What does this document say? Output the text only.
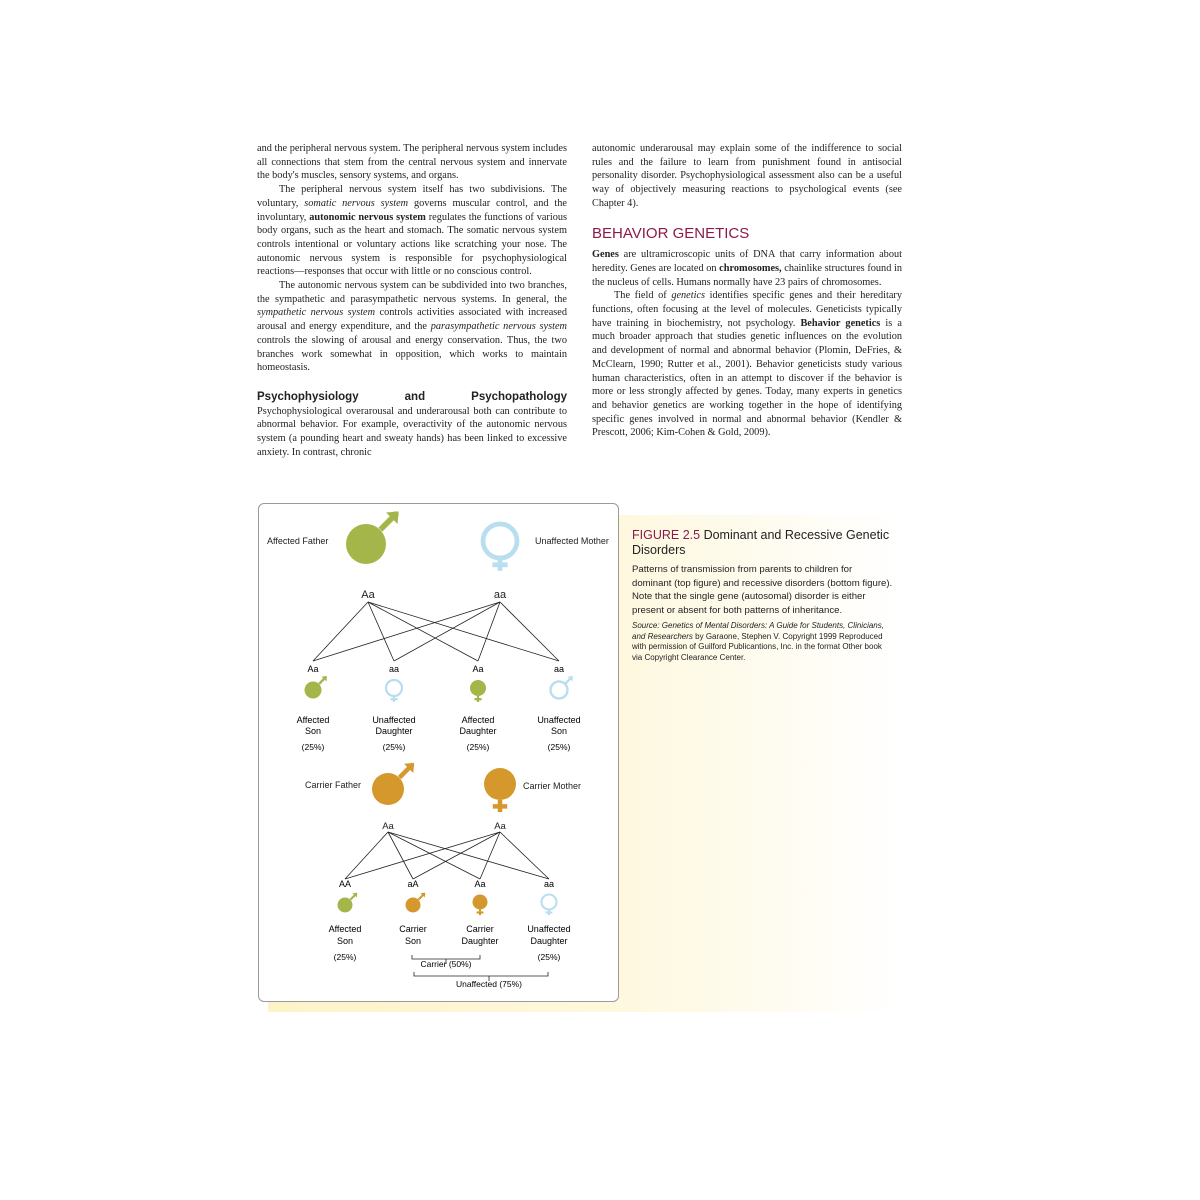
and the peripheral nervous system. The peripheral nervous system includes all connections that stem from the central nervous system and innervate the body's muscles, sensory systems, and organs.

The peripheral nervous system itself has two subdivisions. The voluntary, somatic nervous system governs muscular control, and the involuntary, autonomic nervous system regulates the functions of various body organs, such as the heart and stomach. The somatic nervous system controls intentional or voluntary actions like scratching your nose. The autonomic nervous system is responsible for psychophysiological reactions—responses that occur with little or no conscious control.

The autonomic nervous system can be subdivided into two branches, the sympathetic and parasympathetic nervous systems. In general, the sympathetic nervous system controls activities associated with increased arousal and energy expenditure, and the parasympathetic nervous system controls the slowing of arousal and energy conservation. Thus, the two branches work somewhat in opposition, which works to maintain homeostasis.

Psychophysiology and Psychopathology Psychophysiological overarousal and underarousal both can contribute to abnormal behavior. For example, overactivity of the autonomic nervous system (a pounding heart and sweaty hands) has been linked to excessive anxiety. In contrast, chronic

autonomic underarousal may explain some of the indifference to social rules and the failure to learn from punishment found in antisocial personality disorder. Psychophysiological assessment also can be a useful way of objectively measuring reactions to psychological events (see Chapter 4).

BEHAVIOR GENETICS

Genes are ultramicroscopic units of DNA that carry information about heredity. Genes are located on chromosomes, chainlike structures found in the nucleus of cells. Humans normally have 23 pairs of chromosomes.

The field of genetics identifies specific genes and their hereditary functions, often focusing at the level of molecules. Geneticists typically have training in biochemistry, not psychology. Behavior genetics is a much broader approach that studies genetic influences on the evolution and development of normal and abnormal behavior (Plomin, DeFries, & McClearn, 1990; Rutter et al., 2001). Behavior geneticists study various human characteristics, often in an attempt to discover if the behavior is more or less strongly affected by genes. Today, many experts in genetics and behavior genetics are working together in the hope of identifying specific genes involved in normal and abnormal behavior (Kendler & Prescott, 2006; Kim-Cohen & Gold, 2009).

Affected Father	Unaffected Mother
Aa	aa
Aa
Affected
Son
(25%)
aa
Unaffected
Daughter
(25%)
Aa
Affected
Daughter
(25%)
aa
Unaffected
Son
(25%)
Carrier Father	Carrier Mother
Aa	Aa
AA
Affected
Son
(25%)
aA
Carrier
Son
Aa
Carrier
Daughter
aa
Unaffected
Daughter
(25%)
Carrier (50%)
Unaffected (75%)

FIGURE 2.5 Dominant and Recessive Genetic Disorders

Patterns of transmission from parents to children for dominant (top figure) and recessive disorders (bottom figure). Note that the single gene (autosomal) disorder is either present or absent for both patterns of inheritance.

Source: Genetics of Mental Disorders: A Guide for Students, Clinicians, and Researchers by Garaone, Stephen V. Copyright 1999 Reproduced with permission of Guilford Publicantions, Inc. in the format Other book via Copyright Clearance Center.
